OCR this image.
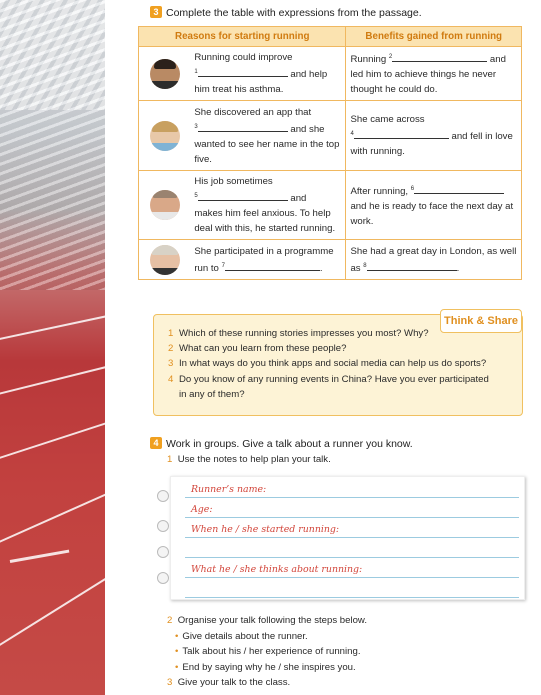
3 Complete the table with expressions from the passage.
Reasons for starting running		Benefits gained from running

	Running could improve
$^1$ and help
him treat his asthma.	Running $^2$ and
led him to achieve things he never thought he could do.

	She discovered an app that
$^3$ and she
wanted to see her name in the top five.	She came across
$^4$ and fell in love with running.

	His job sometimes
$^5$ and
makes him feel anxious. To help deal with this, he started running.	After running, $^6$
and he is ready to face the next day at work.

	She participated in a programme run to $^7$ .	She had a great day in London, as well as $^8$ .
Think & Share
1 Which of these running stories impresses you most? Why?
2 What can you learn from these people?
3 In what ways do you think apps and social media can help us do sports?
4 Do you know of any running events in China? Have you ever participated
in any of them?
4 Work in groups. Give a talk about a runner you know.
1 Use the notes to help plan your talk.
Runner’s name:
Age:
When he / she started running:
What he / she thinks about running:
2 Organise your talk following the steps below.
• Give details about the runner.
• Talk about his / her experience of running.
• End by saying why he / she inspires you.
3 Give your talk to the class.
